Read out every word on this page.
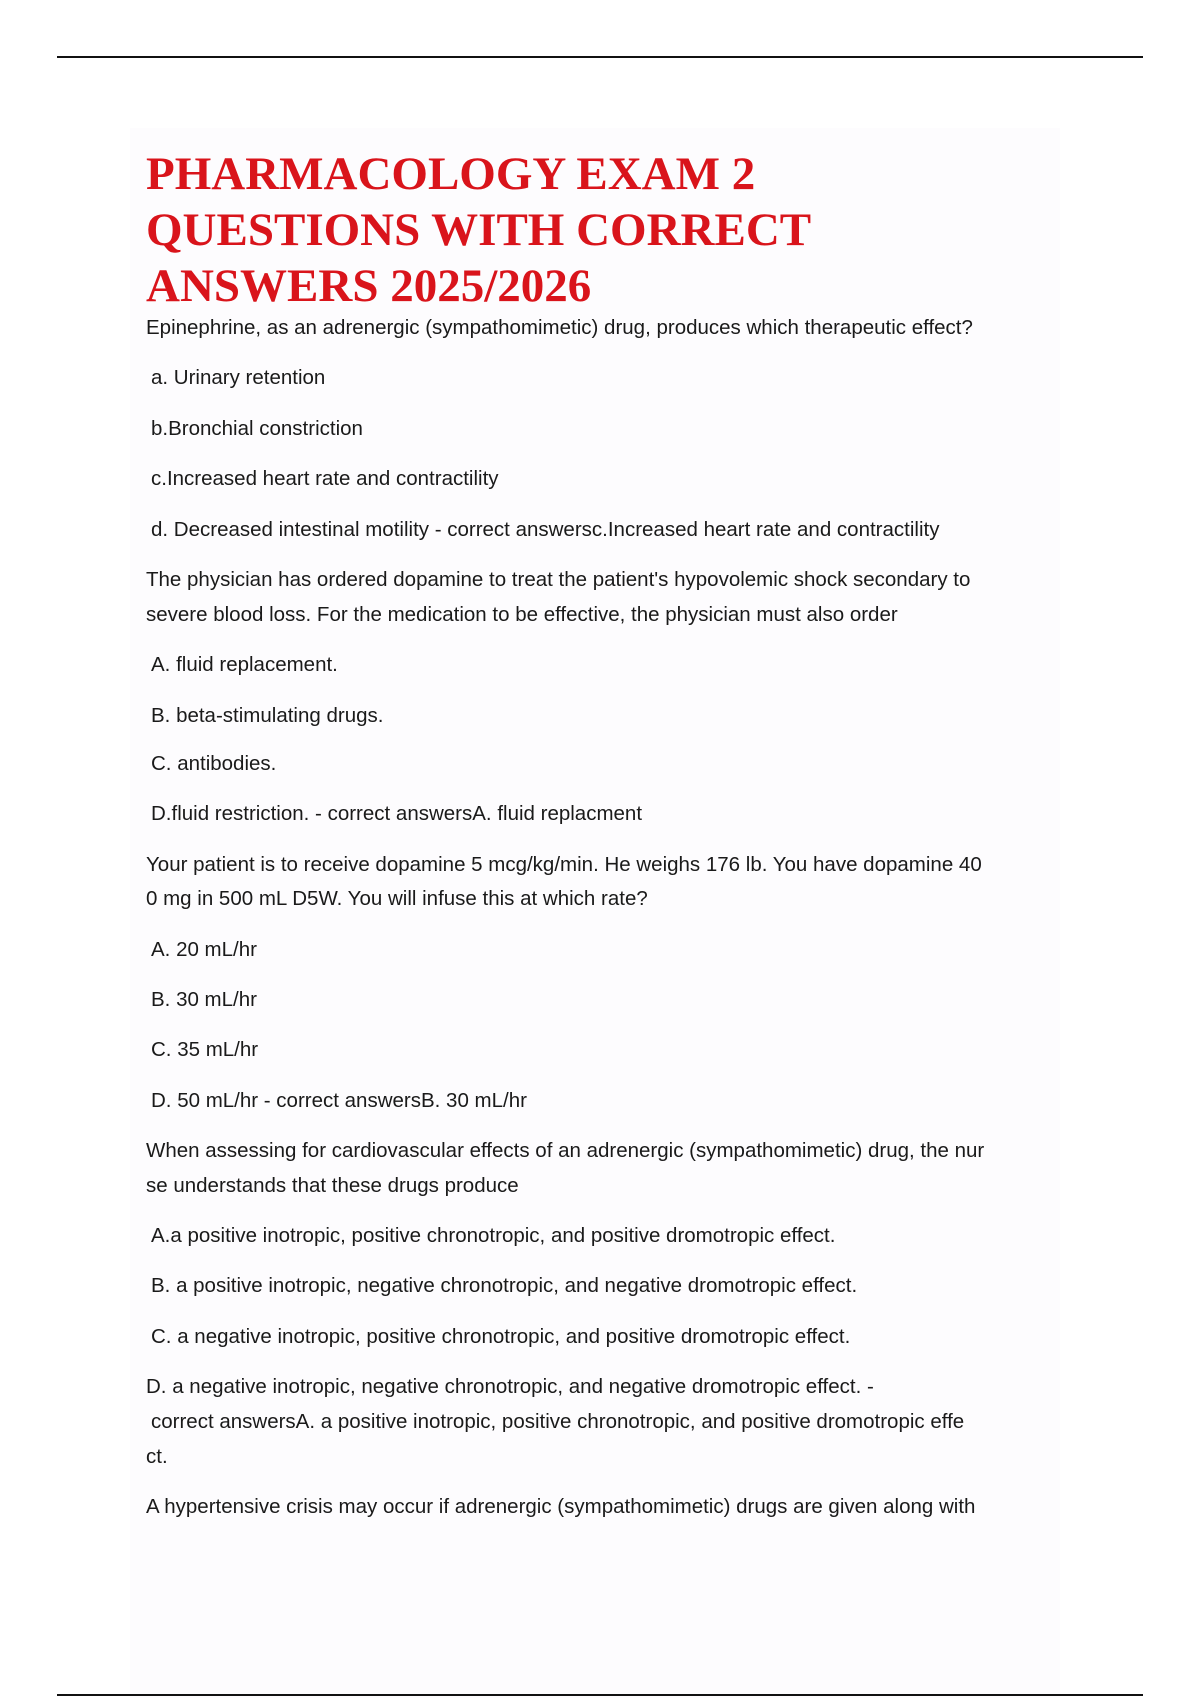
PHARMACOLOGY EXAM 2
QUESTIONS WITH CORRECT
ANSWERS 2025/2026
Epinephrine, as an adrenergic (sympathomimetic) drug, produces which therapeutic effect?
a. Urinary retention
b.Bronchial constriction
c.Increased heart rate and contractility
d. Decreased intestinal motility - correct answersc.Increased heart rate and contractility
The physician has ordered dopamine to treat the patient's hypovolemic shock secondary to
severe blood loss. For the medication to be effective, the physician must also order
A. fluid replacement.
B. beta-stimulating drugs.
C. antibodies.
D.fluid restriction. - correct answersA. fluid replacment
Your patient is to receive dopamine 5 mcg/kg/min. He weighs 176 lb. You have dopamine 40
0 mg in 500 mL D5W. You will infuse this at which rate?
A. 20 mL/hr
B. 30 mL/hr
C. 35 mL/hr
D. 50 mL/hr - correct answersB. 30 mL/hr
When assessing for cardiovascular effects of an adrenergic (sympathomimetic) drug, the nur
se understands that these drugs produce
A.a positive inotropic, positive chronotropic, and positive dromotropic effect.
B. a positive inotropic, negative chronotropic, and negative dromotropic effect.
C. a negative inotropic, positive chronotropic, and positive dromotropic effect.
D. a negative inotropic, negative chronotropic, and negative dromotropic effect. -
correct answersA. a positive inotropic, positive chronotropic, and positive dromotropic effe
ct.
A hypertensive crisis may occur if adrenergic (sympathomimetic) drugs are given along with
